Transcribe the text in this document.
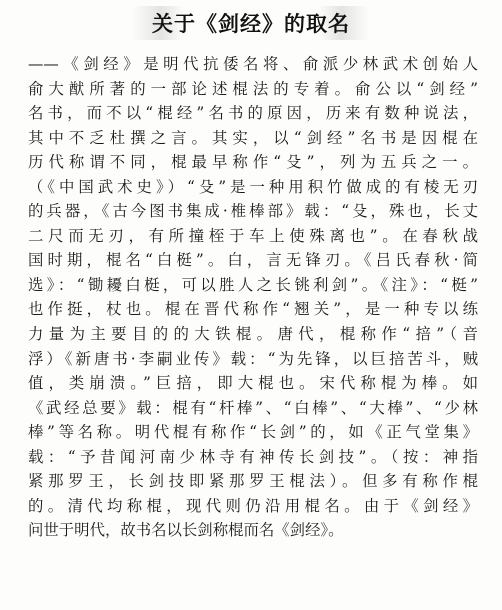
关于《剑经》的取名
——《剑经》是明代抗倭名将、俞派少林武术创始人
俞大猷所著的一部论述棍法的专着。俞公以“剑经”
名书，而不以“棍经”名书的原因，历来有数种说法，
其中不乏杜撰之言。其实，以“剑经”名书是因棍在
历代称谓不同，棍最早称作“殳”，列为五兵之一。
（《中国武术史》）“殳”是一种用积竹做成的有棱无刃
的兵器，《古今图书集成·椎棒部》载：“殳，殊也，长丈
二尺而无刃，有所撞桎于车上使殊离也”。在春秋战
国时期，棍名“白梃”。白，言无锋刃。《吕氏春秋·简
选》：“锄耰白梃，可以胜人之长铫利剑”。《注》：“梃”
也作挺，杖也。棍在晋代称作“翘关”，是一种专以练
力量为主要目的的大铁棍。唐代，棍称作“掊”（音
浮）《新唐书·李嗣业传》载：“为先锋，以巨掊苦斗，贼
值，类崩溃。”巨掊，即大棍也。宋代称棍为棒。如
《武经总要》载：棍有“杆棒”、“白棒”、“大棒”、“少林
棒”等名称。明代棍有称作“长剑”的，如《正气堂集》
载：“予昔闻河南少林寺有神传长剑技”。（按：神指
紧那罗王，长剑技即紧那罗王棍法）。但多有称作棍
的。清代均称棍，现代则仍沿用棍名。由于《剑经》
问世于明代，故书名以长剑称棍而名《剑经》。
